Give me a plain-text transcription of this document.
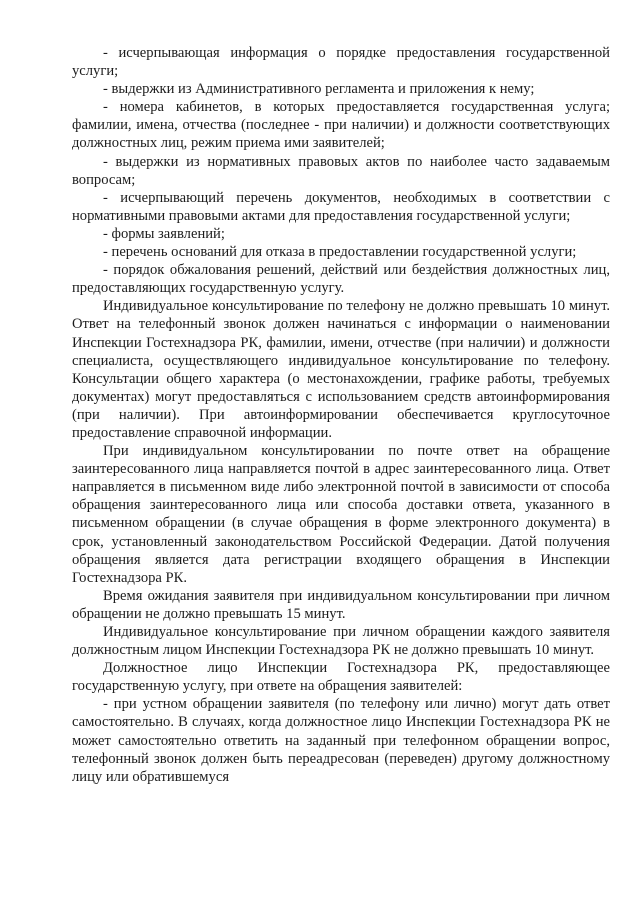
- исчерпывающая информация о порядке предоставления государственной услуги;

- выдержки из Административного регламента и приложения к нему;

- номера кабинетов, в которых предоставляется государственная услуга; фамилии, имена, отчества (последнее - при наличии) и должности соответствующих должностных лиц, режим приема ими заявителей;

- выдержки из нормативных правовых актов по наиболее часто задаваемым вопросам;

- исчерпывающий перечень документов, необходимых в соответствии с нормативными правовыми актами для предоставления государственной услуги;

- формы заявлений;

- перечень оснований для отказа в предоставлении государственной услуги;

- порядок обжалования решений, действий или бездействия должностных лиц, предоставляющих государственную услугу.

Индивидуальное консультирование по телефону не должно превышать 10 минут. Ответ на телефонный звонок должен начинаться с информации о наименовании Инспекции Гостехнадзора РК, фамилии, имени, отчестве (при наличии) и должности специалиста, осуществляющего индивидуальное консультирование по телефону. Консультации общего характера (о местонахождении, графике работы, требуемых документах) могут предоставляться с использованием средств автоинформирования (при наличии). При автоинформировании обеспечивается круглосуточное предоставление справочной информации.

При индивидуальном консультировании по почте ответ на обращение заинтересованного лица направляется почтой в адрес заинтересованного лица. Ответ направляется в письменном виде либо электронной почтой в зависимости от способа обращения заинтересованного лица или способа доставки ответа, указанного в письменном обращении (в случае обращения в форме электронного документа) в срок, установленный законодательством Российской Федерации. Датой получения обращения является дата регистрации входящего обращения в Инспекции Гостехнадзора РК.

Время ожидания заявителя при индивидуальном консультировании при личном обращении не должно превышать 15 минут.

Индивидуальное консультирование при личном обращении каждого заявителя должностным лицом Инспекции Гостехнадзора РК не должно превышать 10 минут.

Должностное лицо Инспекции Гостехнадзора РК, предоставляющее государственную услугу, при ответе на обращения заявителей:

- при устном обращении заявителя (по телефону или лично) могут дать ответ самостоятельно. В случаях, когда должностное лицо Инспекции Гостехнадзора РК не может самостоятельно ответить на заданный при телефонном обращении вопрос, телефонный звонок должен быть переадресован (переведен) другому должностному лицу или обратившемуся
